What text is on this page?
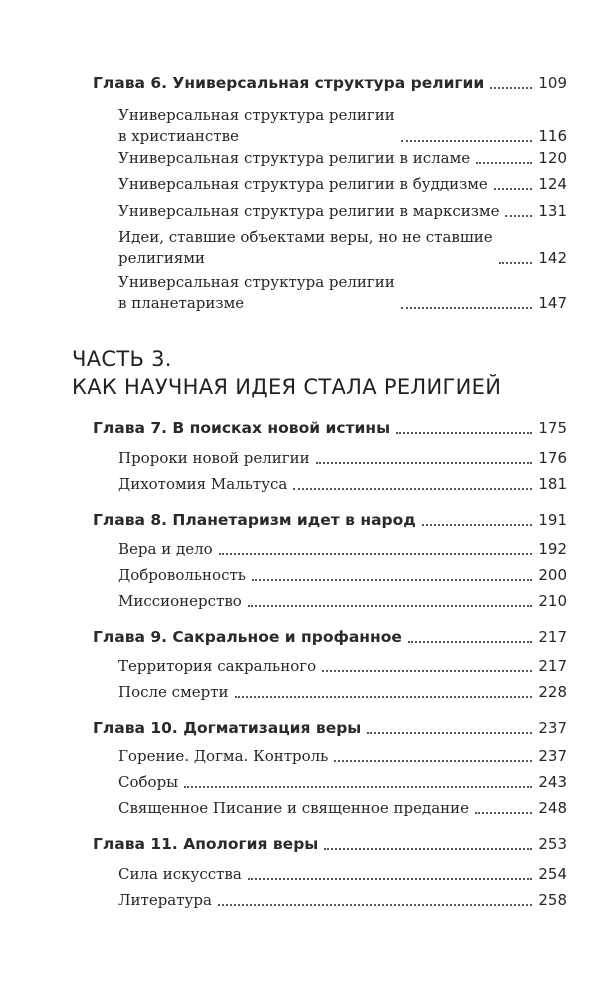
Глава 6. Универсальная структура религии	109
Универсальная структура религии
в христианстве	116
Универсальная структура религии в исламе	120
Универсальная структура религии в буддизме	124
Универсальная структура религии в марксизме	131
Идеи, ставшие объектами веры, но не ставшие
религиями	142
Универсальная структура религии
в планетаризме	147
ЧАСТЬ 3.
КАК НАУЧНАЯ ИДЕЯ СТАЛА РЕЛИГИЕЙ
Глава 7. В поисках новой истины	175
Пророки новой религии	176
Дихотомия Мальтуса	181
Глава 8. Планетаризм идет в народ	191
Вера и дело	192
Добровольность	200
Миссионерство	210
Глава 9. Сакральное и профанное	217
Территория сакрального	217
После смерти	228
Глава 10. Догматизация веры	237
Горение. Догма. Контроль	237
Соборы	243
Священное Писание и священное предание	248
Глава 11. Апология веры	253
Сила искусства	254
Литература	258
